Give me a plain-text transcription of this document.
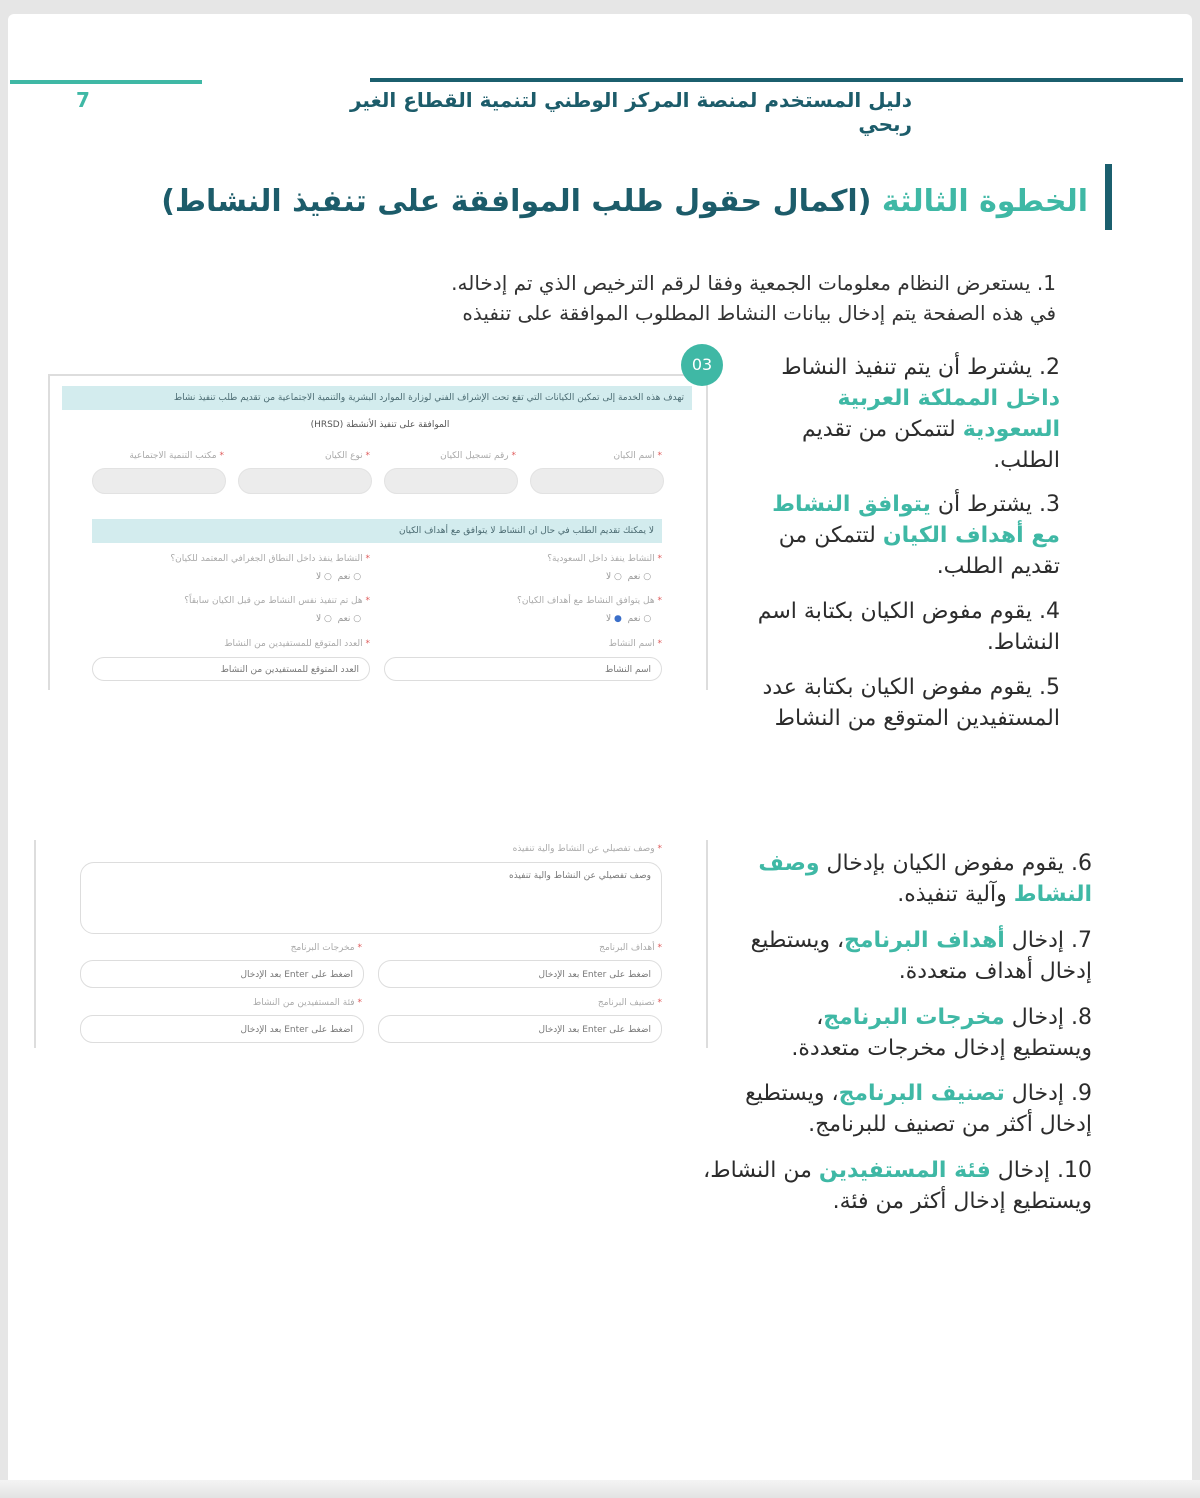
7	دليل المستخدم لمنصة المركز الوطني لتنمية القطاع الغير ربحي
الخطوة الثالثة (اكمال حقول طلب الموافقة على تنفيذ النشاط)
1. يستعرض النظام معلومات الجمعية وفقا لرقم الترخيص الذي تم إدخاله.
في هذه الصفحة يتم إدخال بيانات النشاط المطلوب الموافقة على تنفيذه
2. يشترط أن يتم تنفيذ النشاط داخل المملكة العربية السعودية لتتمكن من تقديم الطلب.
3. يشترط أن يتوافق النشاط مع أهداف الكيان لتتمكن من تقديم الطلب.
4. يقوم مفوض الكيان بكتابة اسم النشاط.
5. يقوم مفوض الكيان بكتابة عدد المستفيدين المتوقع من النشاط
6. يقوم مفوض الكيان بإدخال وصف النشاط وآلية تنفيذه.
7. إدخال أهداف البرنامج، ويستطيع إدخال أهداف متعددة.
8. إدخال مخرجات البرنامج، ويستطيع إدخال مخرجات متعددة.
9. إدخال تصنيف البرنامج، ويستطيع إدخال أكثر من تصنيف للبرنامج.
10. إدخال فئة المستفيدين من النشاط، ويستطيع إدخال أكثر من فئة.
تهدف هذه الخدمة إلى تمكين الكيانات التي تقع تحت الإشراف الفني لوزارة الموارد البشرية والتنمية الاجتماعية من تقديم طلب تنفيذ نشاط
الموافقة على تنفيذ الأنشطة (HRSD)
* اسم الكيان
* رقم تسجيل الكيان
* نوع الكيان
* مكتب التنمية الاجتماعية
لا يمكنك تقديم الطلب في حال ان النشاط لا يتوافق مع أهداف الكيان
* النشاط ينفذ داخل السعودية؟
* النشاط ينفذ داخل النطاق الجغرافي المعتمد للكيان؟
○ نعم  ○ لا
○ نعم  ○ لا
* هل يتوافق النشاط مع أهداف الكيان؟
* هل تم تنفيذ نفس النشاط من قبل الكيان سابقاً؟
○ نعم  ● لا
○ نعم  ○ لا
* اسم النشاط
* العدد المتوقع للمستفيدين من النشاط
اسم النشاط
العدد المتوقع للمستفيدين من النشاط
03
* وصف تفصيلي عن النشاط والية تنفيذه
وصف تفصيلي عن النشاط والية تنفيذه
* أهداف البرنامج
* مخرجات البرنامج
اضغط على Enter بعد الإدخال
اضغط على Enter بعد الإدخال
* تصنيف البرنامج
* فئة المستفيدين من النشاط
اضغط على Enter بعد الإدخال
اضغط على Enter بعد الإدخال
